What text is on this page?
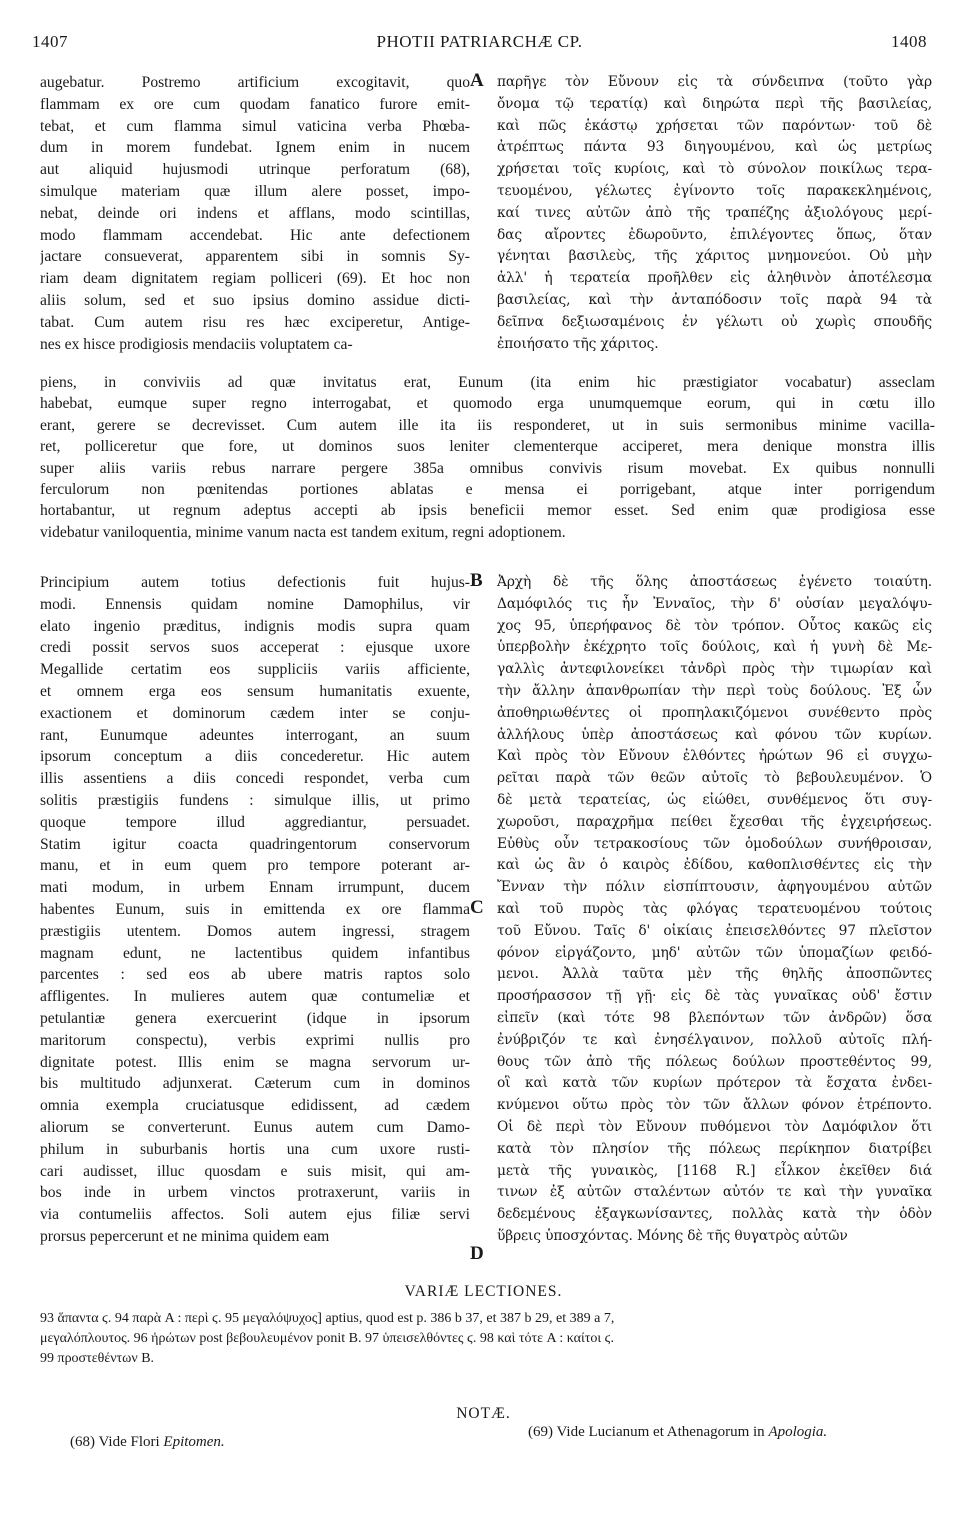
1407	PHOTII PATRIARCHÆ CP.	1408
augebatur. Postremo artificium excogitavit, quo
flammam ex ore cum quodam fanatico furore emit-
tebat, et cum flamma simul vaticina verba Phœba-
dum in morem fundebat. Ignem enim in nucem
aut aliquid hujusmodi utrinque perforatum (68),
simulque materiam quæ illum alere posset, impo-
nebat, deinde ori indens et afflans, modo scintillas,
modo flammam accendebat. Hic ante defectionem
jactare consueverat, apparentem sibi in somnis Sy-
riam deam dignitatem regiam polliceri (69). Et hoc non
aliis solum, sed et suo ipsius domino assidue dicti-
tabat. Cum autem risu res hæc exciperetur, Antige-
nes ex hisce prodigiosis mendaciis voluptatem ca-
A παρῆγε τὸν Εὔνουν εἰς τὰ σύνδειπνα (τοῦτο γὰρ
ὄνομα τῷ τερατίᾳ) καὶ διηρώτα περὶ τῆς βασιλείας,
καὶ πῶς ἑκάστῳ χρήσεται τῶν παρόντων· τοῦ δὲ
ἀτρέπτως πάντα 93 διηγουμένου, καὶ ὡς μετρίως
χρήσεται τοῖς κυρίοις, καὶ τὸ σύνολον ποικίλως τερα-
τευομένου, γέλωτες ἐγίνοντο τοῖς παρακεκλημένοις,
καί τινες αὐτῶν ἀπὸ τῆς τραπέζης ἀξιολόγους μερί-
δας αἴροντες ἐδωροῦντο, ἐπιλέγοντες ὅπως, ὅταν
γένηται βασιλεὺς, τῆς χάριτος μνημονεύοι. Οὐ μὴν
ἀλλ' ἡ τερατεία προῆλθεν εἰς ἀληθινὸν ἀποτέλεσμα
βασιλείας, καὶ τὴν ἀνταπόδοσιν τοῖς παρὰ 94 τὰ
δεῖπνα δεξιωσαμένοις ἐν γέλωτι οὐ χωρὶς σπουδῆς
ἐποιήσατο τῆς χάριτος.
piens, in conviviis ad quæ invitatus erat, Eunum (ita enim hic præstigiator vocabatur) asseclam
habebat, eumque super regno interrogabat, et quomodo erga unumquemque eorum, qui in cœtu illo
erant, gerere se decrevisset. Cum autem ille ita iis responderet, ut in suis sermonibus minime vacilla-
ret, polliceretur que fore, ut dominos suos leniter clementerque acciperet, mera denique monstra illis
super aliis variis rebus narrare pergere 385a omnibus convivis risum movebat. Ex quibus nonnulli
ferculorum non pœnitendas portiones ablatas e mensa ei porrigebant, atque inter porrigendum
hortabantur, ut regnum adeptus accepti ab ipsis beneficii memor esset. Sed enim quæ prodigiosa esse
videbatur vaniloquentia, minime vanum nacta est tandem exitum, regni adoptionem.
Principium autem totius defectionis fuit hujus-
modi. Ennensis quidam nomine Damophilus, vir
elato ingenio præditus, indignis modis supra quam
credi possit servos suos acceperat : ejusque uxore
Megallide certatim eos suppliciis variis afficiente,
et omnem erga eos sensum humanitatis exuente,
exactionem et dominorum cædem inter se conju-
rant, Eunumque adeuntes interrogant, an suum
ipsorum conceptum a diis concederetur. Hic autem
illis assentiens a diis concedi respondet, verba cum
solitis præstigiis fundens : simulque illis, ut primo
quoque tempore illud aggrediantur, persuadet.
Statim igitur coacta quadringentorum conservorum
manu, et in eum quem pro tempore poterant ar-
mati modum, in urbem Ennam irrumpunt, ducem
habentes Eunum, suis in emittenda ex ore flamma
præstigiis utentem. Domos autem ingressi, stragem
magnam edunt, ne lactentibus quidem infantibus
parcentes : sed eos ab ubere matris raptos solo
affligentes. In mulieres autem quæ contumeliæ et
petulantiæ genera exercuerint (idque in ipsorum
maritorum conspectu), verbis exprimi nullis pro
dignitate potest. Illis enim se magna servorum ur-
bis multitudo adjunxerat. Cæterum cum in dominos
omnia exempla cruciatusque edidissent, ad cædem
aliorum se converterunt. Eunus autem cum Damo-
philum in suburbanis hortis una cum uxore rusti-
cari audisset, illuc quosdam e suis misit, qui am-
bos inde in urbem vinctos protraxerunt, variis in
via contumeliis affectos. Soli autem ejus filiæ servi
prorsus pepercerunt et ne minima quidem eam
B
C
D
Ἀρχὴ δὲ τῆς ὅλης ἀποστάσεως ἐγένετο τοιαύτη.
Δαμόφιλός τις ἦν Ἐνναῖος, τὴν δ' οὐσίαν μεγαλόψυ-
χος 95, ὑπερήφανος δὲ τὸν τρόπον. Οὗτος κακῶς εἰς
ὑπερβολὴν ἐκέχρητο τοῖς δούλοις, καὶ ἡ γυνὴ δὲ Με-
γαλλὶς ἀντεφιλονείκει τἀνδρὶ πρὸς τὴν τιμωρίαν καὶ
τὴν ἄλλην ἀπανθρωπίαν τὴν περὶ τοὺς δούλους. Ἐξ ὧν
ἀποθηριωθέντες οἱ προπηλακιζόμενοι συνέθεντο πρὸς
ἀλλήλους ὑπὲρ ἀποστάσεως καὶ φόνου τῶν κυρίων.
Καὶ πρὸς τὸν Εὔνουν ἐλθόντες ἠρώτων 96 εἰ συγχω-
ρεῖται παρὰ τῶν θεῶν αὐτοῖς τὸ βεβουλευμένον. Ὁ
δὲ μετὰ τερατείας, ὡς εἰώθει, συνθέμενος ὅτι συγ-
χωροῦσι, παραχρῆμα πείθει ἔχεσθαι τῆς ἐγχειρήσεως.
Εὐθὺς οὖν τετρακοσίους τῶν ὁμοδούλων συνήθροισαν,
καὶ ὡς ἂν ὁ καιρὸς ἐδίδου, καθοπλισθέντες εἰς τὴν
Ἔνναν τὴν πόλιν εἰσπίπτουσιν, ἀφηγουμένου αὐτῶν
καὶ τοῦ πυρὸς τὰς φλόγας τερατευομένου τούτοις
τοῦ Εὔνου. Ταῖς δ' οἰκίαις ἐπεισελθόντες 97 πλεῖστον
φόνον εἰργάζοντο, μηδ' αὐτῶν τῶν ὑπομαζίων φειδό-
μενοι. Ἀλλὰ ταῦτα μὲν τῆς θηλῆς ἀποσπῶντες
προσήρασσον τῇ γῇ· εἰς δὲ τὰς γυναῖκας οὐδ' ἔστιν
εἰπεῖν (καὶ τότε 98 βλεπόντων τῶν ἀνδρῶν) ὅσα
ἐνύβριζόν τε καὶ ἐνησέλγαινον, πολλοῦ αὐτοῖς πλή-
θους τῶν ἀπὸ τῆς πόλεως δούλων προστεθέντος 99,
οἳ καὶ κατὰ τῶν κυρίων πρότερον τὰ ἔσχατα ἐνδει-
κνύμενοι οὕτω πρὸς τὸν τῶν ἄλλων φόνον ἐτρέποντο.
Οἱ δὲ περὶ τὸν Εὔνουν πυθόμενοι τὸν Δαμόφιλον ὅτι
κατὰ τὸν πλησίον τῆς πόλεως περίκηπον διατρίβει
μετὰ τῆς γυναικὸς, [1168 R.] εἷλκον ἐκεῖθεν διά
τινων ἐξ αὐτῶν σταλέντων αὐτόν τε καὶ τὴν γυναῖκα
δεδεμένους ἐξαγκωνίσαντες, πολλὰς κατὰ τὴν ὁδὸν
ὕβρεις ὑποσχόντας. Μόνης δὲ τῆς θυγατρὸς αὐτῶν
VARIÆ LECTIONES.
93 ἅπαντα ϛ. 94 παρὰ A : περὶ ϛ. 95 μεγαλόψυχος] aptius, quod est p. 386 b 37, et 387 b 29, et 389 a 7,
μεγαλόπλουτος. 96 ἠρώτων post βεβουλευμένον ponit B. 97 ὑπεισελθόντες ϛ. 98 καὶ τότε A : καίτοι ϛ.
99 προστεθέντων B.
NOTÆ.
(68) Vide Flori Epitomen.
(69) Vide Lucianum et Athenagorum in Apologia.
